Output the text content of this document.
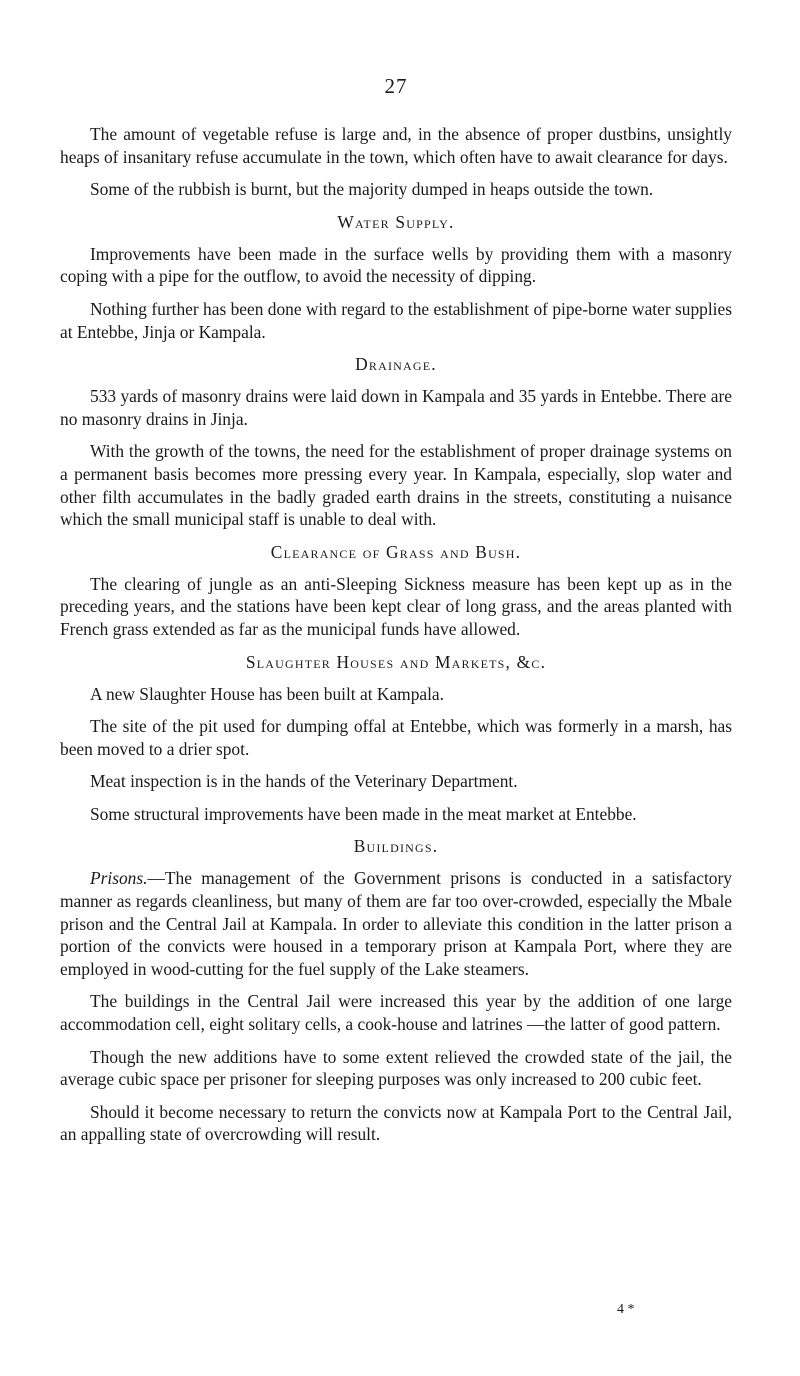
27

The amount of vegetable refuse is large and, in the absence of proper dustbins, unsightly heaps of insanitary refuse accumulate in the town, which often have to await clearance for days.

Some of the rubbish is burnt, but the majority dumped in heaps outside the town.

Water Supply.

Improvements have been made in the surface wells by providing them with a masonry coping with a pipe for the outflow, to avoid the necessity of dipping.

Nothing further has been done with regard to the establishment of pipe-borne water supplies at Entebbe, Jinja or Kampala.

Drainage.

533 yards of masonry drains were laid down in Kampala and 35 yards in Entebbe. There are no masonry drains in Jinja.

With the growth of the towns, the need for the establishment of proper drainage systems on a permanent basis becomes more pressing every year. In Kampala, especially, slop water and other filth accumulates in the badly graded earth drains in the streets, constituting a nuisance which the small municipal staff is unable to deal with.

Clearance of Grass and Bush.

The clearing of jungle as an anti-Sleeping Sickness measure has been kept up as in the preceding years, and the stations have been kept clear of long grass, and the areas planted with French grass extended as far as the municipal funds have allowed.

Slaughter Houses and Markets, &c.

A new Slaughter House has been built at Kampala.

The site of the pit used for dumping offal at Entebbe, which was formerly in a marsh, has been moved to a drier spot.

Meat inspection is in the hands of the Veterinary Department.

Some structural improvements have been made in the meat market at Entebbe.

Buildings.

Prisons.—The management of the Government prisons is conducted in a satisfactory manner as regards cleanliness, but many of them are far too over-crowded, especially the Mbale prison and the Central Jail at Kampala. In order to alleviate this condition in the latter prison a portion of the convicts were housed in a temporary prison at Kampala Port, where they are employed in wood-cutting for the fuel supply of the Lake steamers.

The buildings in the Central Jail were increased this year by the addition of one large accommodation cell, eight solitary cells, a cook-house and latrines —the latter of good pattern.

Though the new additions have to some extent relieved the crowded state of the jail, the average cubic space per prisoner for sleeping purposes was only increased to 200 cubic feet.

Should it become necessary to return the convicts now at Kampala Port to the Central Jail, an appalling state of overcrowding will result.

4 *
